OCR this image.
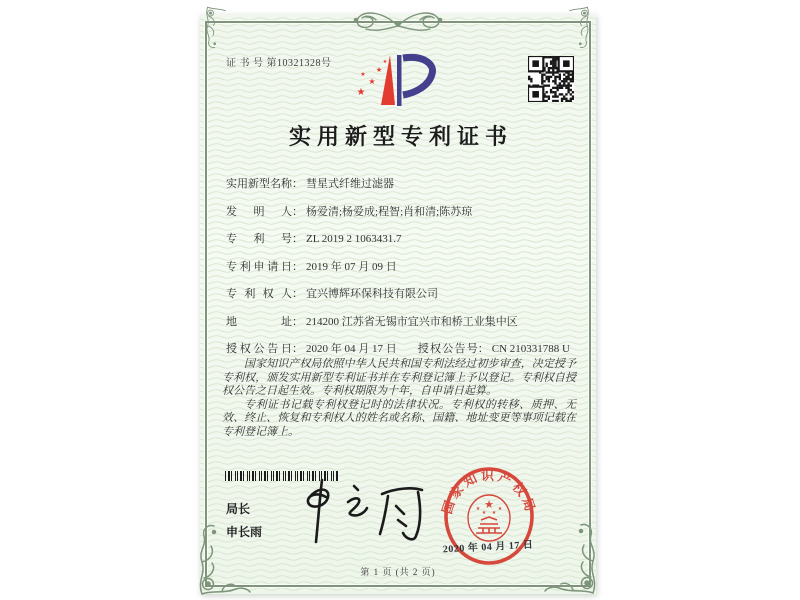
证 书 号 第10321328号
★
★
★
★
★
实用新型专利证书
实用新型名称： 彗星式纤维过滤器
发明人： 杨爱清;杨爱成;程智;肖和清;陈苏琼
专利号： ZL 2019 2 1063431.7
专利申请日： 2019 年 07 月 09 日
专利权人： 宜兴博辉环保科技有限公司
地址： 214200 江苏省无锡市宜兴市和桥工业集中区
授权公告日： 2020 年 04 月 17 日 授权公告号： CN 210331788 U

国家知识产权局依照中华人民共和国专利法经过初步审查，决定授予专利权，颁发实用新型专利证书并在专利登记簿上予以登记。专利权自授权公告之日起生效。专利权期限为十年，自申请日起算。

专利证书记载专利权登记时的法律状况。专利权的转移、质押、无效、终止、恢复和专利权人的姓名或名称、国籍、地址变更等事项记载在专利登记簿上。

局长
申长雨
国家知识产权局
★
★
★ ★
★
2020 年 04 月 17 日
第 1 页 (共 2 页)
